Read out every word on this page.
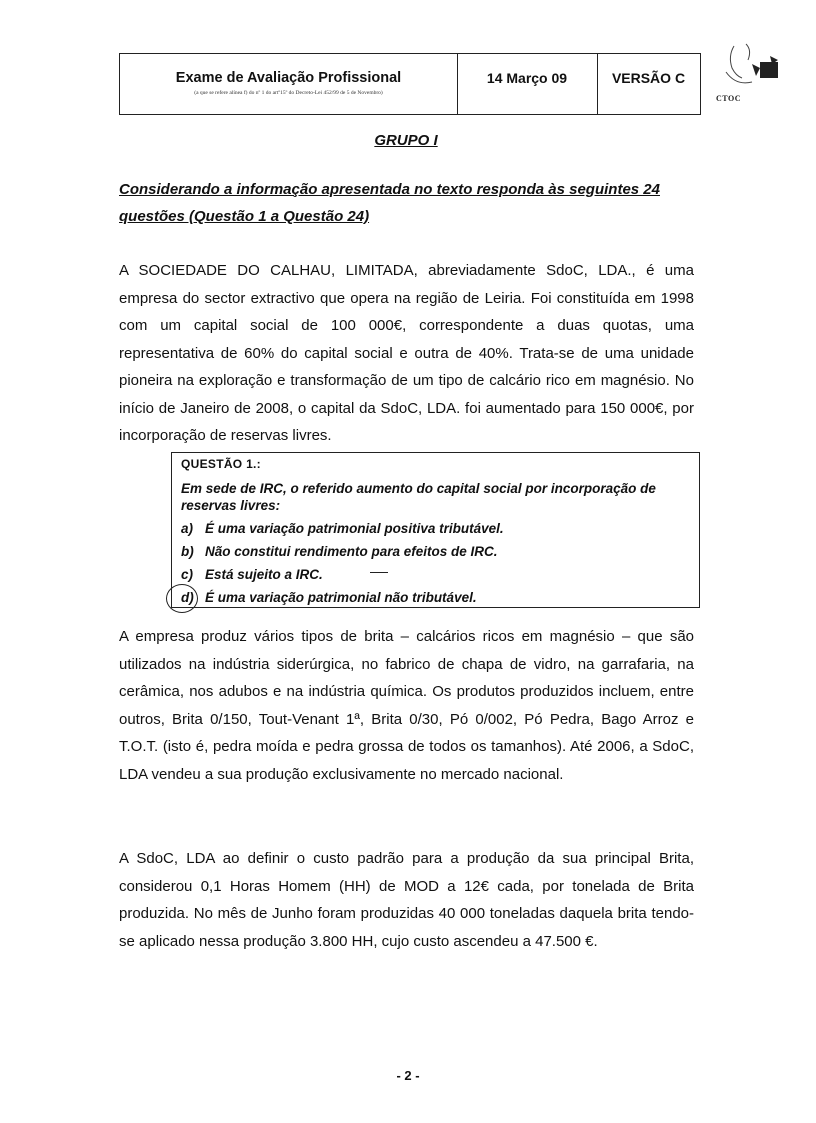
Exame de Avaliação Profissional
(a que se refere alínea f) do nº 1 do artº15º do Decreto-Lei 452/99 de 5 de Novembro)
14 Março 09	VERSÃO C
CTOC
GRUPO I
Considerando a informação apresentada no texto responda às seguintes 24 questões (Questão 1 a Questão 24)
A SOCIEDADE DO CALHAU, LIMITADA, abreviadamente SdoC, LDA., é uma empresa do sector extractivo que opera na região de Leiria. Foi constituída em 1998 com um capital social de 100 000€, correspondente a duas quotas, uma representativa de 60% do capital social e outra de 40%. Trata-se de uma unidade pioneira na exploração e transformação de um tipo de calcário rico em magnésio. No início de Janeiro de 2008, o capital da SdoC, LDA. foi aumentado para 150 000€, por incorporação de reservas livres.
QUESTÃO 1.:
Em sede de IRC, o referido aumento do capital social por incorporação de reservas livres:
a) É uma variação patrimonial positiva tributável.
b) Não constitui rendimento para efeitos de IRC.
c) Está sujeito a IRC.
d) É uma variação patrimonial não tributável.
A empresa produz vários tipos de brita – calcários ricos em magnésio – que são utilizados na indústria siderúrgica, no fabrico de chapa de vidro, na garrafaria, na cerâmica, nos adubos e na indústria química. Os produtos produzidos incluem, entre outros, Brita 0/150, Tout-Venant 1ª, Brita 0/30, Pó 0/002, Pó Pedra, Bago Arroz e T.O.T. (isto é, pedra moída e pedra grossa de todos os tamanhos). Até 2006, a SdoC, LDA vendeu a sua produção exclusivamente no mercado nacional.
A SdoC, LDA ao definir o custo padrão para a produção da sua principal Brita, considerou 0,1 Horas Homem (HH) de MOD a 12€ cada, por tonelada de Brita produzida. No mês de Junho foram produzidas 40 000 toneladas daquela brita tendo-se aplicado nessa produção 3.800 HH, cujo custo ascendeu a 47.500 €.
- 2 -
